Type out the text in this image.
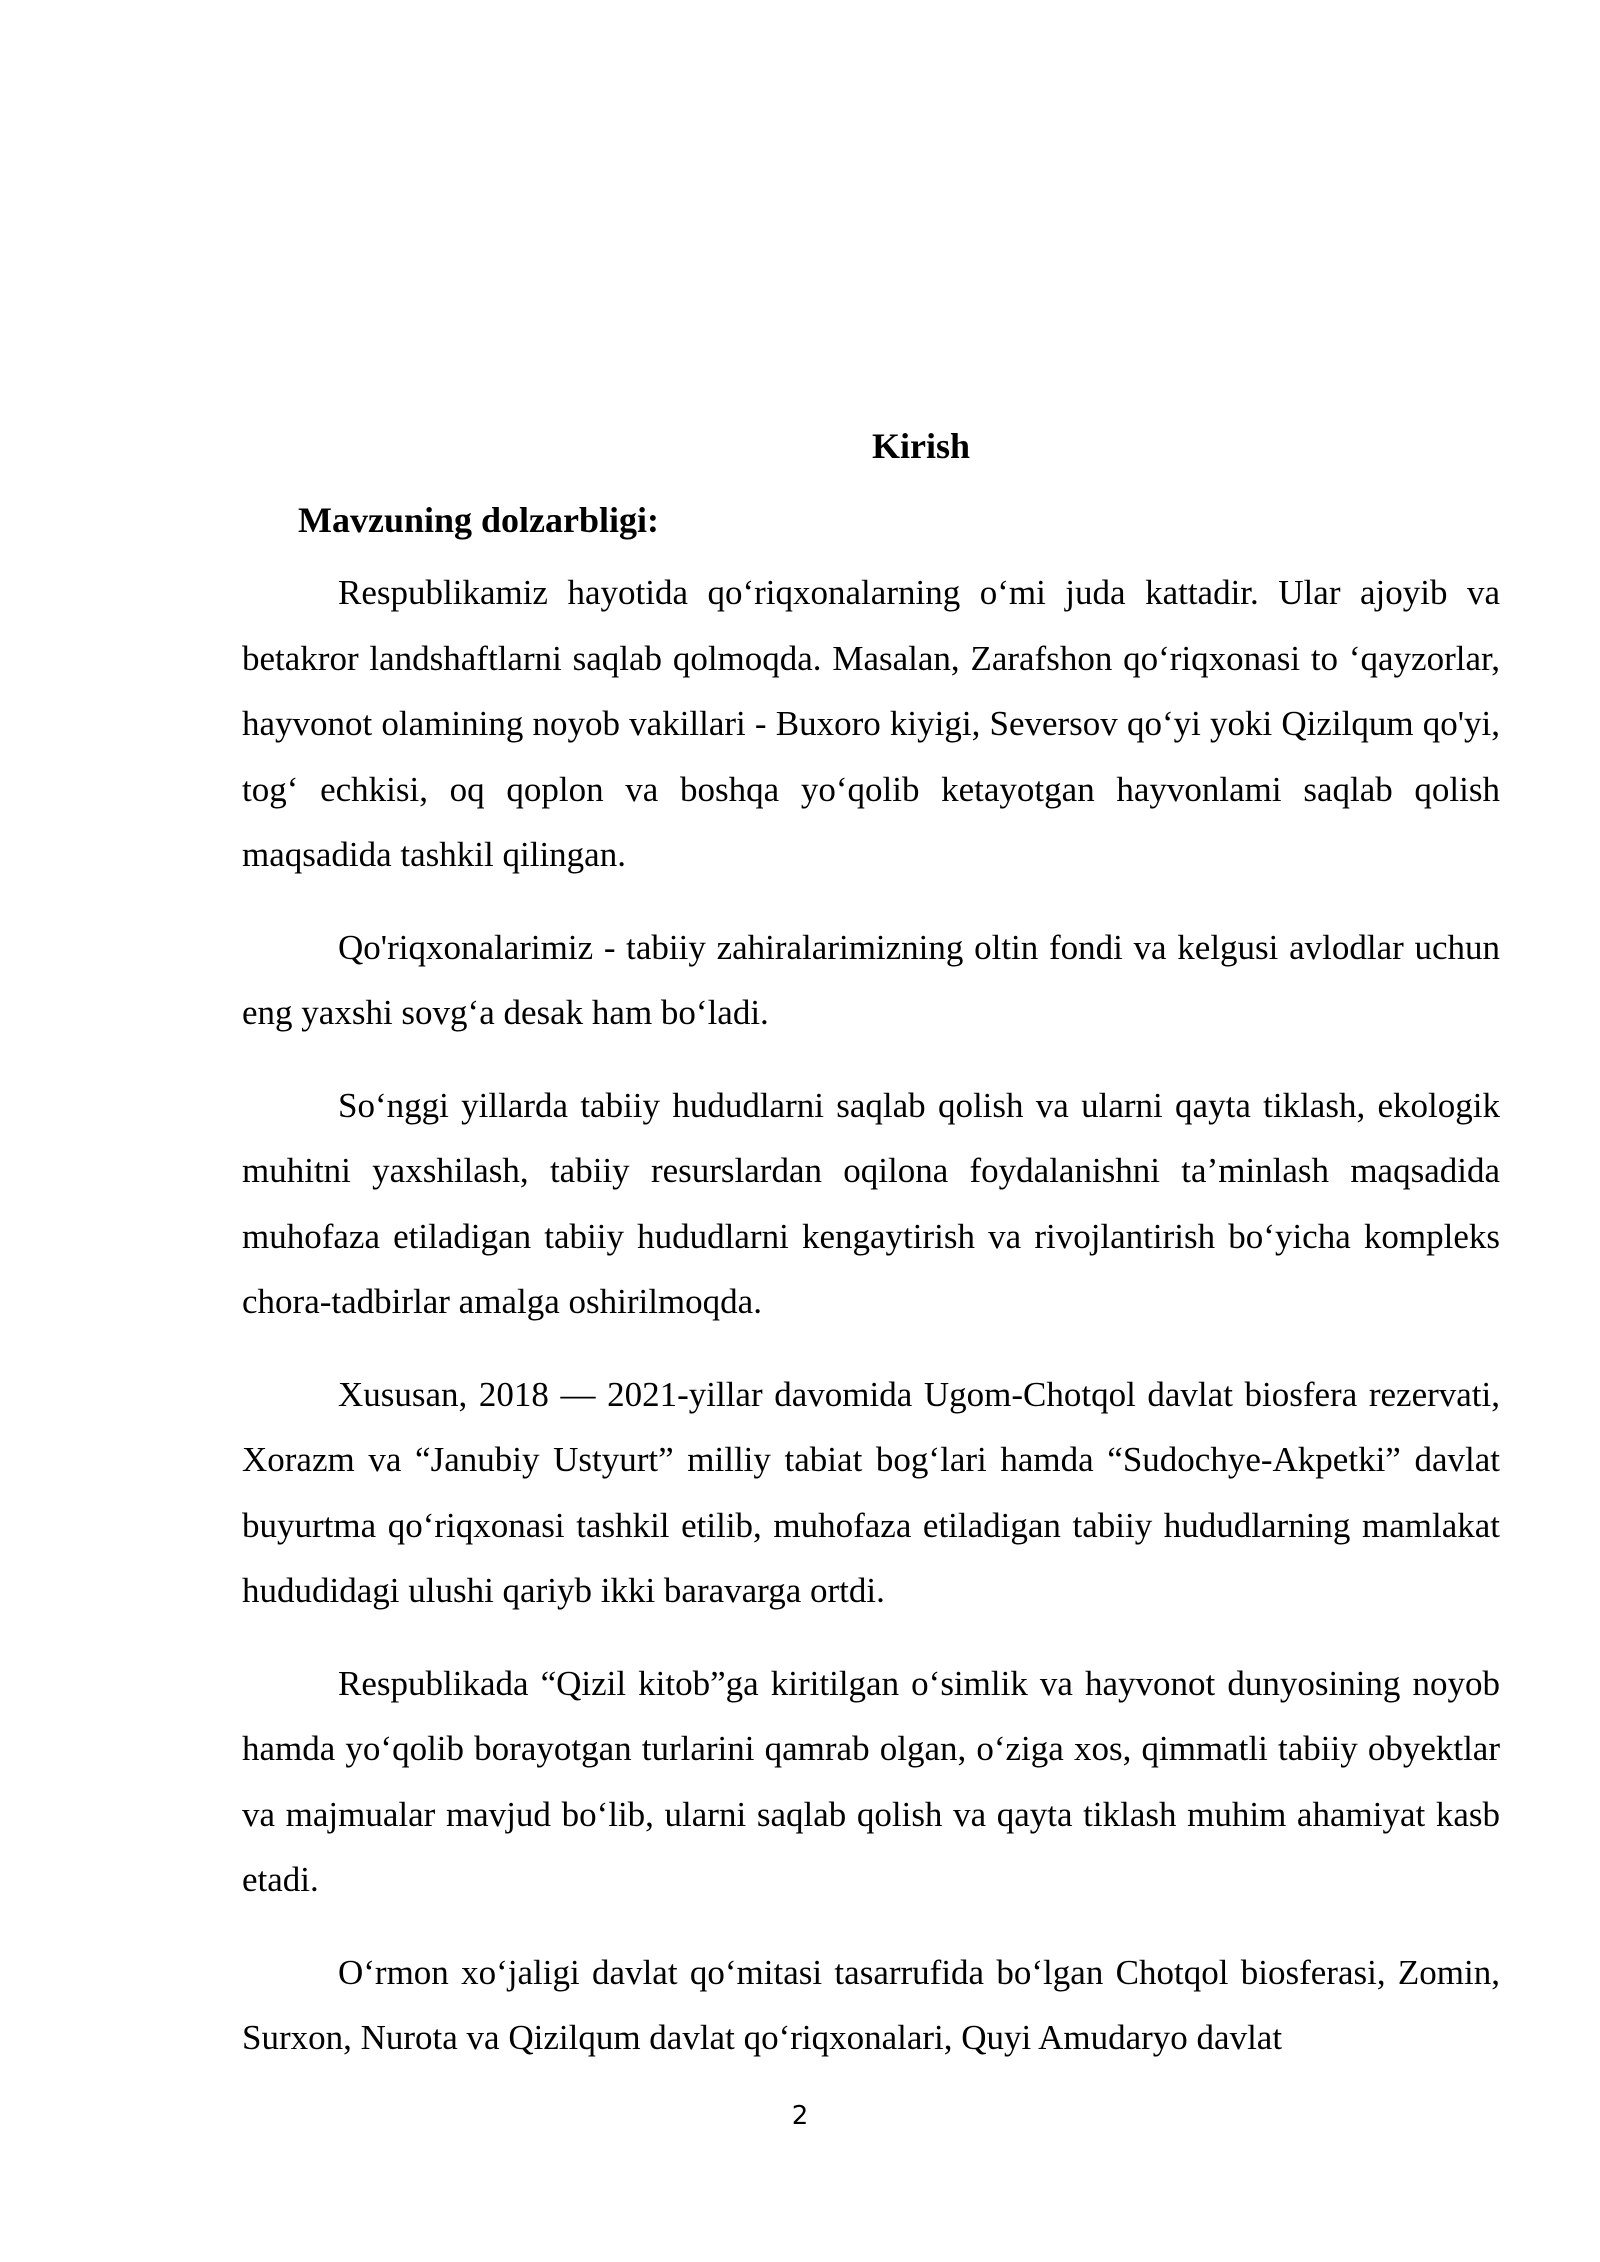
Kirish
Mavzuning dolzarbligi:

Respublikamiz hayotida qo‘riqxonalarning o‘mi juda kattadir. Ular ajoyib va betakror landshaftlarni saqlab qolmoqda. Masalan, Zarafshon qo‘riqxonasi to ‘qayzorlar, hayvonot olamining noyob vakillari - Buxoro kiyigi, Seversov qo‘yi yoki Qizilqum qo'yi, tog‘ echkisi, oq qoplon va boshqa yo‘qolib ketayotgan hayvonlami saqlab qolish maqsadida tashkil qilingan.

Qo'riqxonalarimiz - tabiiy zahiralarimizning oltin fondi va kelgusi avlodlar uchun eng yaxshi sovg‘a desak ham bo‘ladi.

So‘nggi yillarda tabiiy hududlarni saqlab qolish va ularni qayta tiklash, ekologik muhitni yaxshilash, tabiiy resurslardan oqilona foydalanishni ta’minlash maqsadida muhofaza etiladigan tabiiy hududlarni kengaytirish va rivojlantirish bo‘yicha kompleks chora-tadbirlar amalga oshirilmoqda.

Xususan, 2018 — 2021-yillar davomida Ugom-Chotqol davlat biosfera rezervati, Xorazm va “Janubiy Ustyurt” milliy tabiat bog‘lari hamda “Sudochye-Akpetki” davlat buyurtma qo‘riqxonasi tashkil etilib, muhofaza etiladigan tabiiy hududlarning mamlakat hududidagi ulushi qariyb ikki baravarga ortdi.

Respublikada “Qizil kitob”ga kiritilgan o‘simlik va hayvonot dunyosining noyob hamda yo‘qolib borayotgan turlarini qamrab olgan, o‘ziga xos, qimmatli tabiiy obyektlar va majmualar mavjud bo‘lib, ularni saqlab qolish va qayta tiklash muhim ahamiyat kasb etadi.

O‘rmon xo‘jaligi davlat qo‘mitasi tasarrufida bo‘lgan Chotqol biosferasi, Zomin, Surxon, Nurota va Qizilqum davlat qo‘riqxonalari, Quyi Amudaryo davlat

2
